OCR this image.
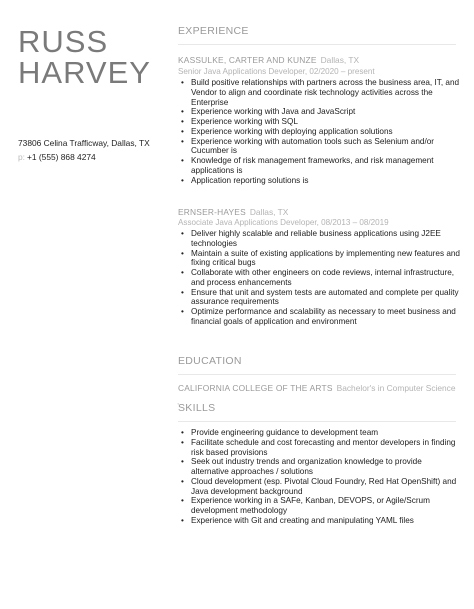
RUSS
HARVEY
73806 Celina Trafficway, Dallas, TX
p: +1 (555) 868 4274
EXPERIENCE
KASSULKE, CARTER AND KUNZE Dallas, TX
Senior Java Applications Developer, 02/2020 – present
• Build positive relationships with partners across the business area, IT, and Vendor to align and coordinate risk technology activities across the Enterprise
• Experience working with Java and JavaScript
• Experience working with SQL
• Experience working with deploying application solutions
• Experience working with automation tools such as Selenium and/or Cucumber is
• Knowledge of risk management frameworks, and risk management applications is
• Application reporting solutions is
ERNSER-HAYES Dallas, TX
Associate Java Applications Developer, 08/2013 – 08/2019
• Deliver highly scalable and reliable business applications using J2EE technologies
• Maintain a suite of existing applications by implementing new features and fixing critical bugs
• Collaborate with other engineers on code reviews, internal infrastructure, and process enhancements
• Ensure that unit and system tests are automated and complete per quality assurance requirements
• Optimize performance and scalability as necessary to meet business and financial goals of application and environment
EDUCATION
CALIFORNIA COLLEGE OF THE ARTS Bachelor's in Computer Science
,
SKILLS
• Provide engineering guidance to development team
• Facilitate schedule and cost forecasting and mentor developers in finding risk based provisions
• Seek out industry trends and organization knowledge to provide alternative approaches / solutions
• Cloud development (esp. Pivotal Cloud Foundry, Red Hat OpenShift) and Java development background
• Experience working in a SAFe, Kanban, DEVOPS, or Agile/Scrum development methodology
• Experience with Git and creating and manipulating YAML files
